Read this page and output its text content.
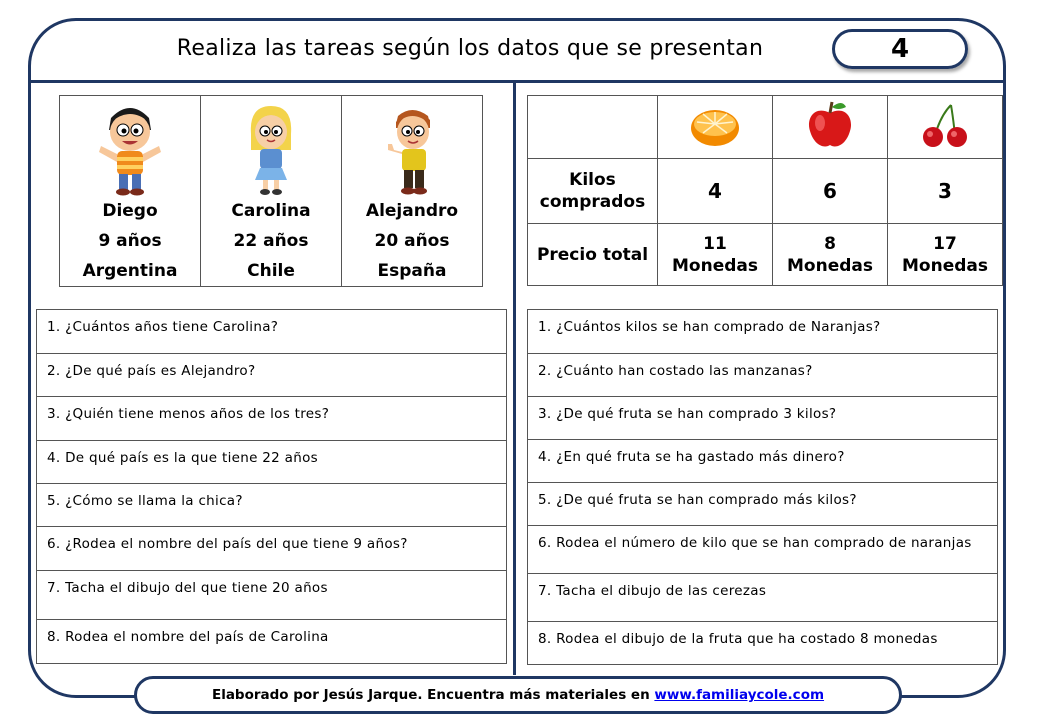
Realiza las tareas según los datos que se presentan	4
Diego
9 años
Argentina

Carolina
22 años
Chile

Alejandro
20 años
España

Kilos comprados	4	6	3
Precio total	11 Monedas	8 Monedas	17 Monedas
1. ¿Cuántos años tiene Carolina?
2. ¿De qué país es Alejandro?
3. ¿Quién tiene menos años de los tres?
4. De qué país es la que tiene 22 años
5. ¿Cómo se llama la chica?
6. ¿Rodea el nombre del país del que tiene 9 años?
7. Tacha el dibujo del que tiene 20 años
8. Rodea el nombre del país de Carolina
1. ¿Cuántos kilos se han comprado de Naranjas?
2. ¿Cuánto han costado las manzanas?
3. ¿De qué fruta se han comprado 3 kilos?
4. ¿En qué fruta se ha gastado más dinero?
5. ¿De qué fruta se han comprado más kilos?
6. Rodea el número de kilo que se han comprado de naranjas
7. Tacha el dibujo de las cerezas
8. Rodea el dibujo de la fruta que ha costado 8 monedas
Elaborado por Jesús Jarque. Encuentra más materiales en www.familiaycole.com
